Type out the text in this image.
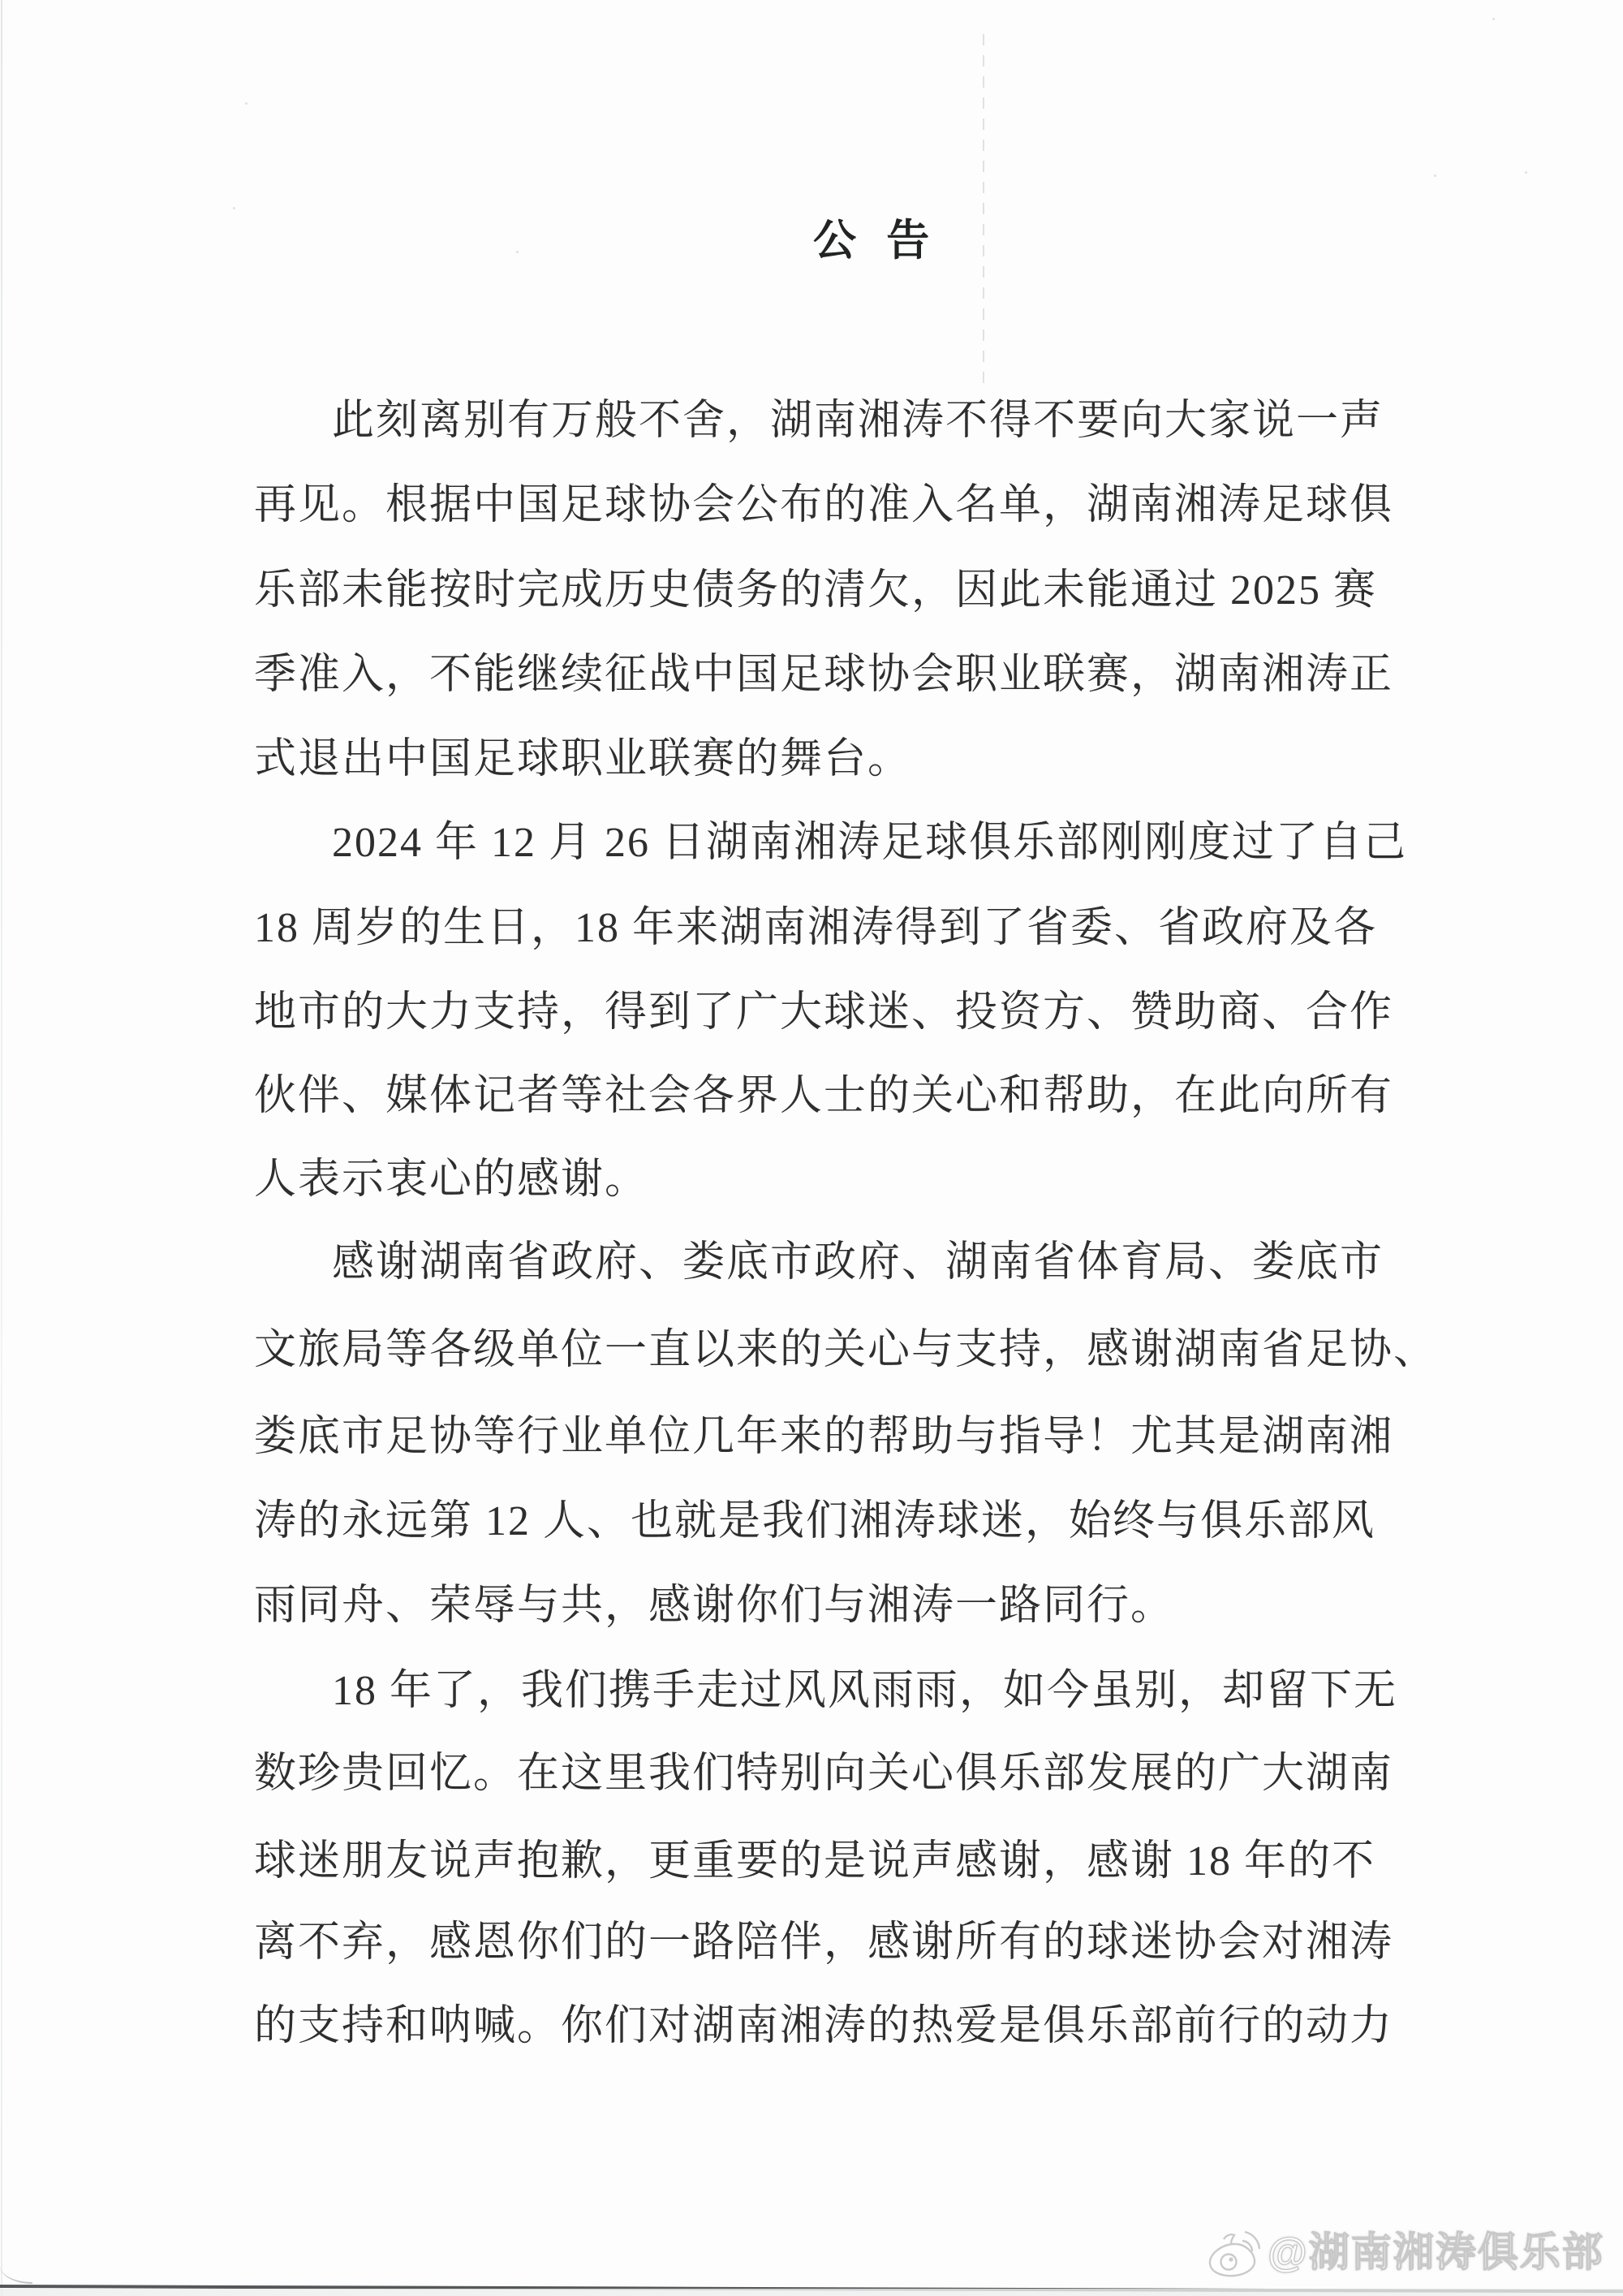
公 告
此刻离别有万般不舍，湖南湘涛不得不要向大家说一声
再见。根据中国足球协会公布的准入名单，湖南湘涛足球俱
乐部未能按时完成历史债务的清欠，因此未能通过 2025 赛
季准入，不能继续征战中国足球协会职业联赛，湖南湘涛正
式退出中国足球职业联赛的舞台。
2024 年 12 月 26 日湖南湘涛足球俱乐部刚刚度过了自己
18 周岁的生日，18 年来湖南湘涛得到了省委、省政府及各
地市的大力支持，得到了广大球迷、投资方、赞助商、合作
伙伴、媒体记者等社会各界人士的关心和帮助，在此向所有
人表示衷心的感谢。
感谢湖南省政府、娄底市政府、湖南省体育局、娄底市
文旅局等各级单位一直以来的关心与支持，感谢湖南省足协、
娄底市足协等行业单位几年来的帮助与指导！尤其是湖南湘
涛的永远第 12 人、也就是我们湘涛球迷，始终与俱乐部风
雨同舟、荣辱与共，感谢你们与湘涛一路同行。
18 年了，我们携手走过风风雨雨，如今虽别，却留下无
数珍贵回忆。在这里我们特别向关心俱乐部发展的广大湖南
球迷朋友说声抱歉，更重要的是说声感谢，感谢 18 年的不
离不弃，感恩你们的一路陪伴，感谢所有的球迷协会对湘涛
的支持和呐喊。你们对湖南湘涛的热爱是俱乐部前行的动力
@湖南湘涛俱乐部
